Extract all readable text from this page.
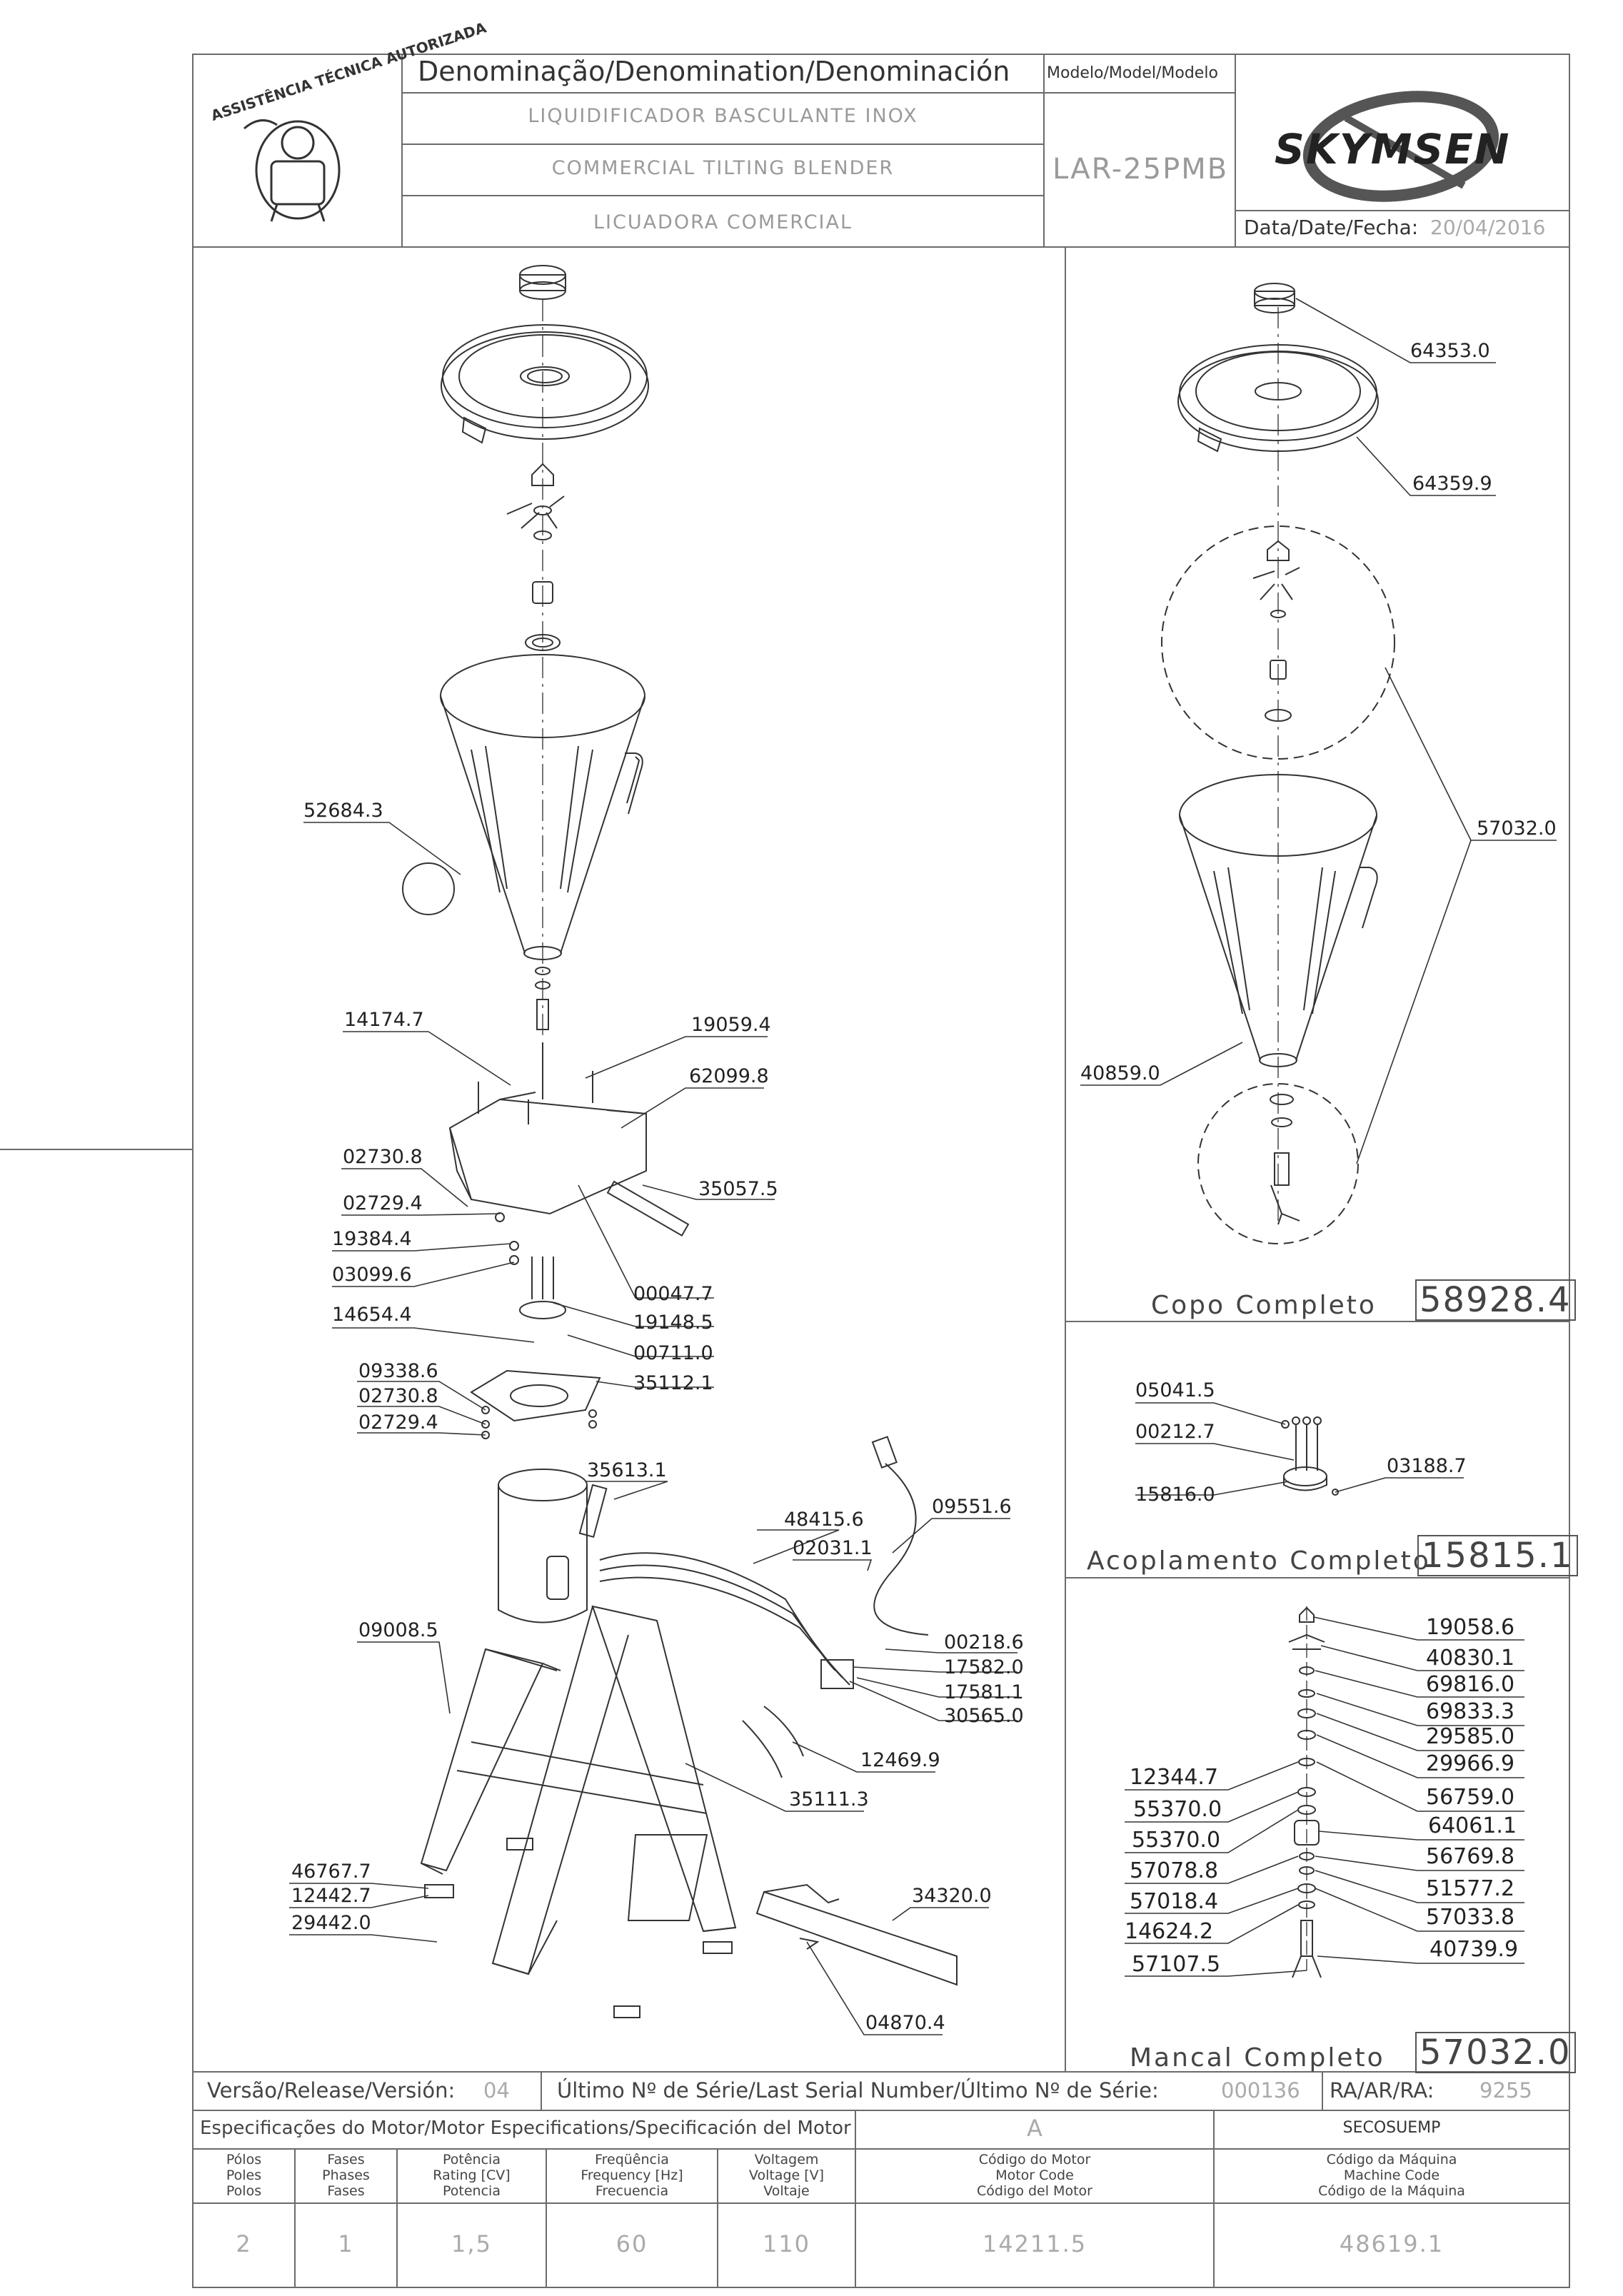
ASSISTÊNCIA TÉCNICA AUTORIZADA
Denominação/Denomination/Denominación Modelo/Model/Modelo
LIQUIDIFICADOR BASCULANTE INOX
COMMERCIAL TILTING BLENDER
LICUADORA COMERCIAL
LAR-25PMB SKYMSEN
Data/Date/Fecha: 20/04/2016
52684.3
14174.7	19059.4
62099.8
02730.8
02729.4
35057.5
19384.4
03099.6
00047.7
14654.4	19148.5
00711.0
09338.6
02730.8
35112.1
02729.4
35613.1
09551.6
48415.6
02031.1
00218.6
17582.0
17581.1
30565.0
09008.5
12469.9
35111.3
46767.7
12442.7
29442.0
34320.0
04870.4
64353.0
64359.9
57032.0
40859.0
Copo Completo 58928.4
05041.5
00212.7
03188.7
15816.0
Acoplamento Completo
15815.1
19058.6
40830.1
69816.0
69833.3
29585.0
29966.9
56759.0
64061.1
56769.8
51577.2
57033.8
40739.9
12344.7
55370.0
55370.0
57078.8
57018.4
14624.2
57107.5
Mancal Completo 57032.0
Versão/Release/Versión: 04 Último Nº de Série/Last Serial Number/Último Nº de Série:	000136 RA/AR/RA: 9255
Especificações do Motor/Motor Especifications/Specificación del Motor	A	SECOSUEMP
Pólos
Poles
Polos
Fases
Phases
Fases
Potência
Rating [CV]
Potencia
Freqüência
Frequency [Hz]
Frecuencia
Voltagem
Voltage [V]
Voltaje
Código do Motor
Motor Code
Código del Motor
Código da Máquina
Machine Code
Código de la Máquina
2	1	1,5	60	110	14211.5	48619.1
